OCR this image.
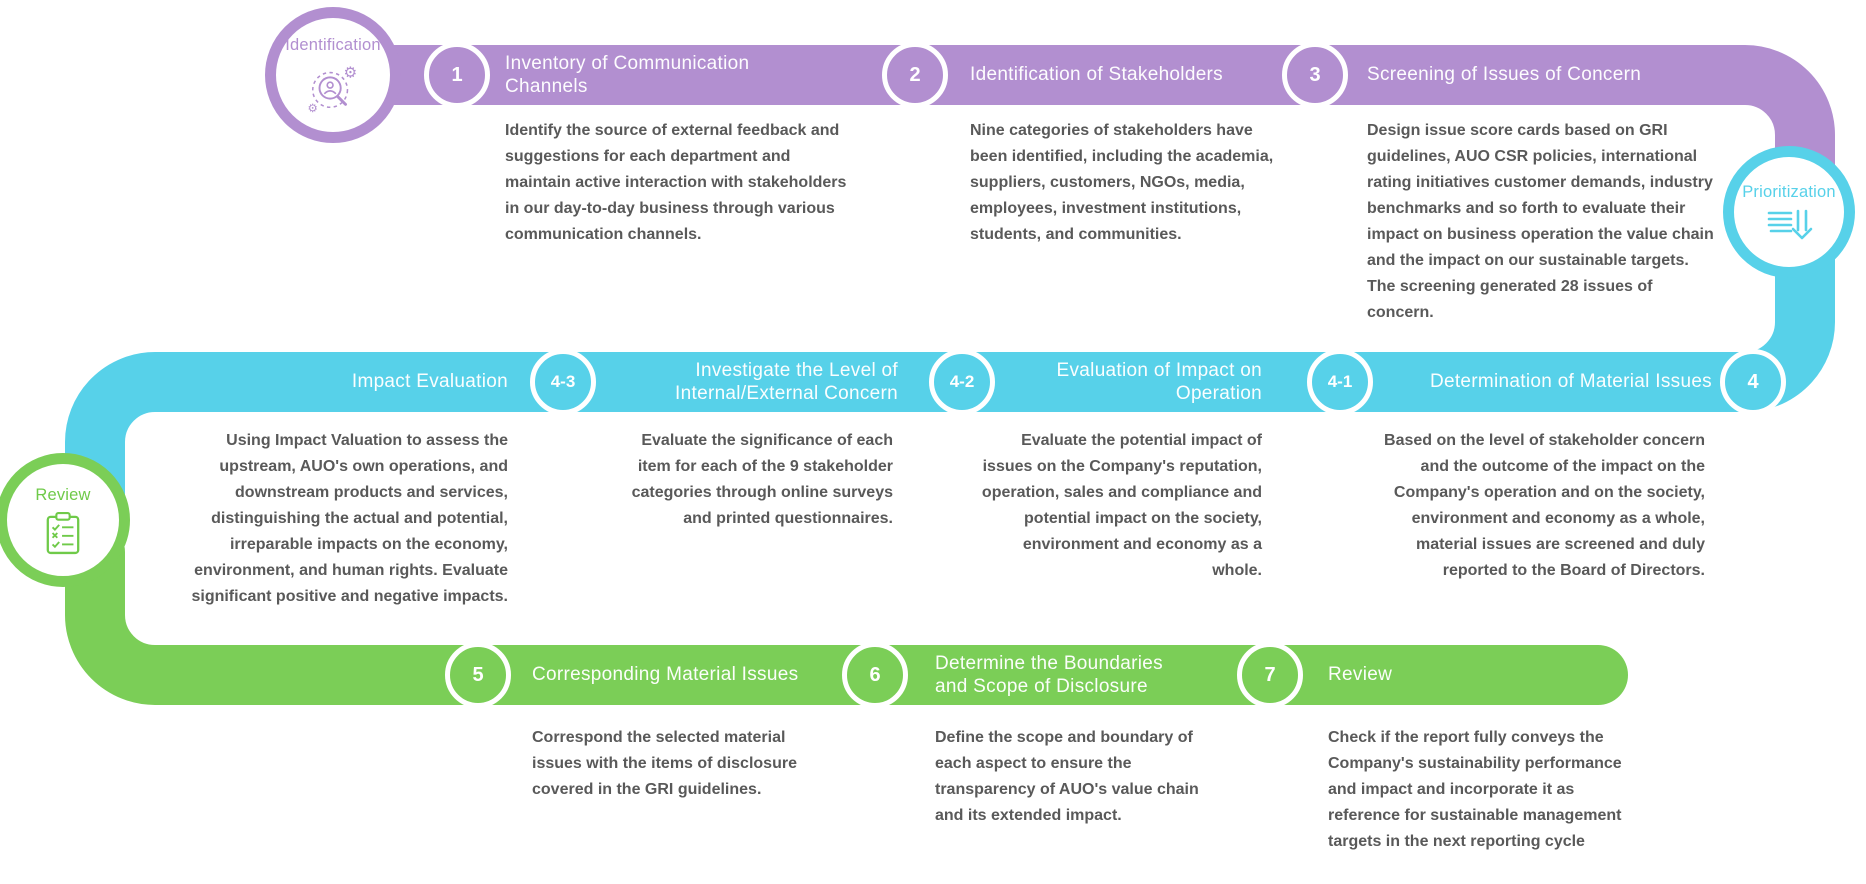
Identification
⚙
⚙
Prioritization
Review
1	2	3
4-3	4-2	4-1	4
5	6	7
Inventory of Communication Channels
Identification of Stakeholders	Screening of Issues of Concern
Impact Evaluation
Investigate the Level of Internal/External Concern
Evaluation of Impact on Operation
Determination of Material Issues
Corresponding Material Issues
Determine the Boundaries and Scope of Disclosure
Review
Identify the source of external feedback and suggestions for each department and maintain active interaction with stakeholders in our day-to-day business through various communication channels.
Nine categories of stakeholders have been identified, including the academia, suppliers, customers, NGOs, media, employees, investment institutions, students, and communities.
Design issue score cards based on GRI guidelines, AUO CSR policies, international rating initiatives customer demands, industry benchmarks and so forth to evaluate their impact on business operation the value chain and the impact on our sustainable targets. The screening generated 28 issues of concern.
Using Impact Valuation to assess the upstream, AUO's own operations, and downstream products and services, distinguishing the actual and potential, irreparable impacts on the economy, environment, and human rights. Evaluate significant positive and negative impacts.
Evaluate the significance of each item for each of the 9 stakeholder categories through online surveys and printed questionnaires.
Evaluate the potential impact of issues on the Company's reputation, operation, sales and compliance and potential impact on the society, environment and economy as a whole.
Based on the level of stakeholder concern and the outcome of the impact on the Company's operation and on the society, environment and economy as a whole, material issues are screened and duly reported to the Board of Directors.
Correspond the selected material issues with the items of disclosure covered in the GRI guidelines.
Define the scope and boundary of each aspect to ensure the transparency of AUO's value chain and its extended impact.
Check if the report fully conveys the Company's sustainability performance and impact and incorporate it as reference for sustainable management targets in the next reporting cycle
